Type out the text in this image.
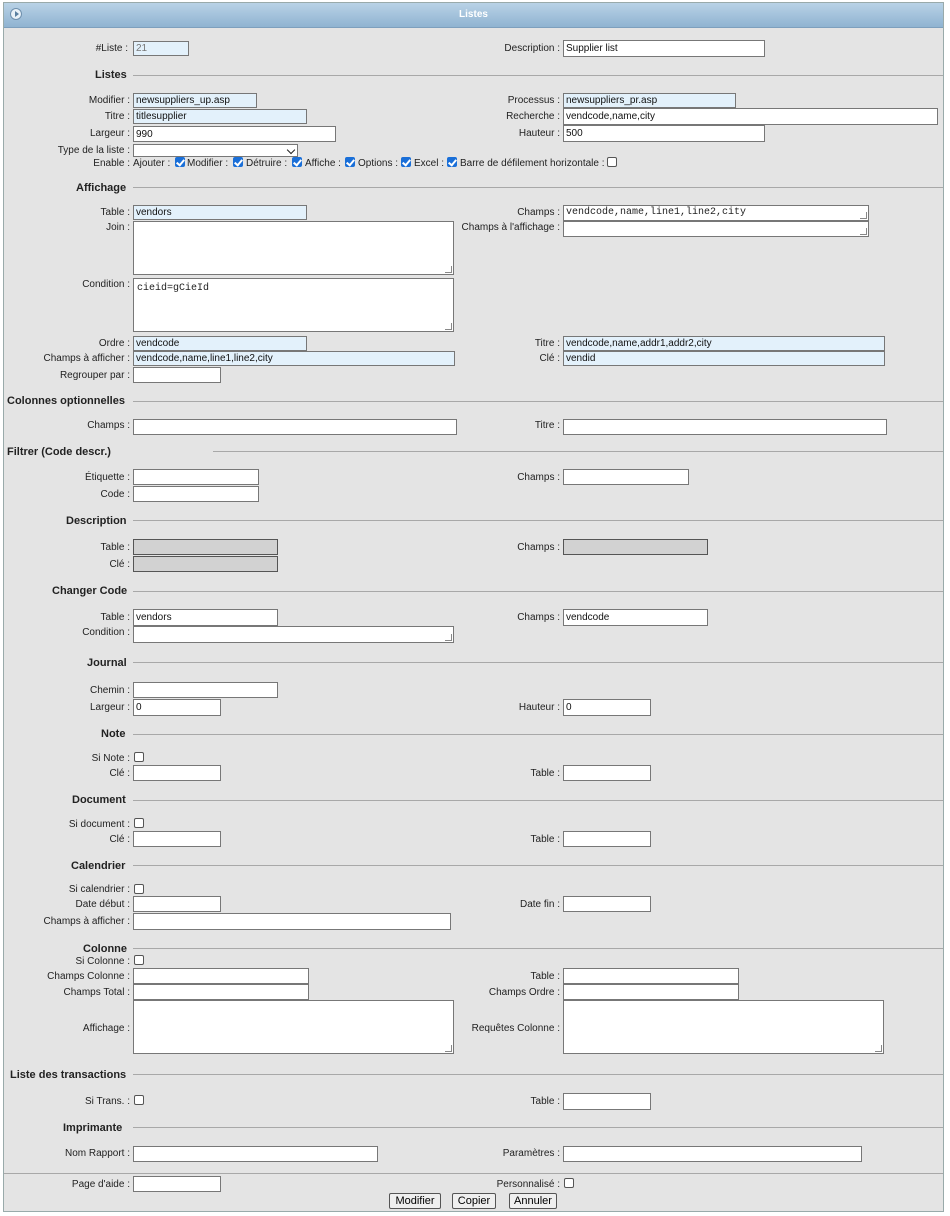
Listes
#Liste :
21	Description :
Supplier list
Listes
Modifier :
newsuppliers_up.asp	Processus :
newsuppliers_pr.asp
Titre :
titlesupplier	Recherche :
vendcode,name,city
Largeur :
990	Hauteur :
500
Type de la liste :
Enable : Ajouter : Modifier : Détruire : Affiche : Options : Excel : Barre de défilement horizontale :
Affichage
Table :
vendors	Champs : vendcode,name,line1,line2,city
Join :	Champs à l'affichage :
Condition : cieid=gCieId
Ordre :
vendcode	Titre :
vendcode,name,addr1,addr2,city
Champs à afficher :
vendcode,name,line1,line2,city	Clé :
vendid
Regrouper par :
Colonnes optionnelles
Champs :	Titre :
Filtrer (Code descr.)
Étiquette :	Champs :
Code :
Description
Table :	Champs :
Clé :
Changer Code
Table :
vendors	Champs :
vendcode
Condition :
Journal
Chemin :
Largeur :
0	Hauteur :
0
Note
Si Note :
Clé :	Table :
Document
Si document :
Clé :	Table :
Calendrier
Si calendrier :
Date début :	Date fin :
Champs à afficher :
Colonne
Si Colonne :
Champs Colonne :	Table :
Champs Total :	Champs Ordre :
Affichage :	Requêtes Colonne :
Liste des transactions
Si Trans. :	Table :
Imprimante
Nom Rapport :	Paramètres :
Page d'aide :	Personnalisé :
Modifier	Copier	Annuler
